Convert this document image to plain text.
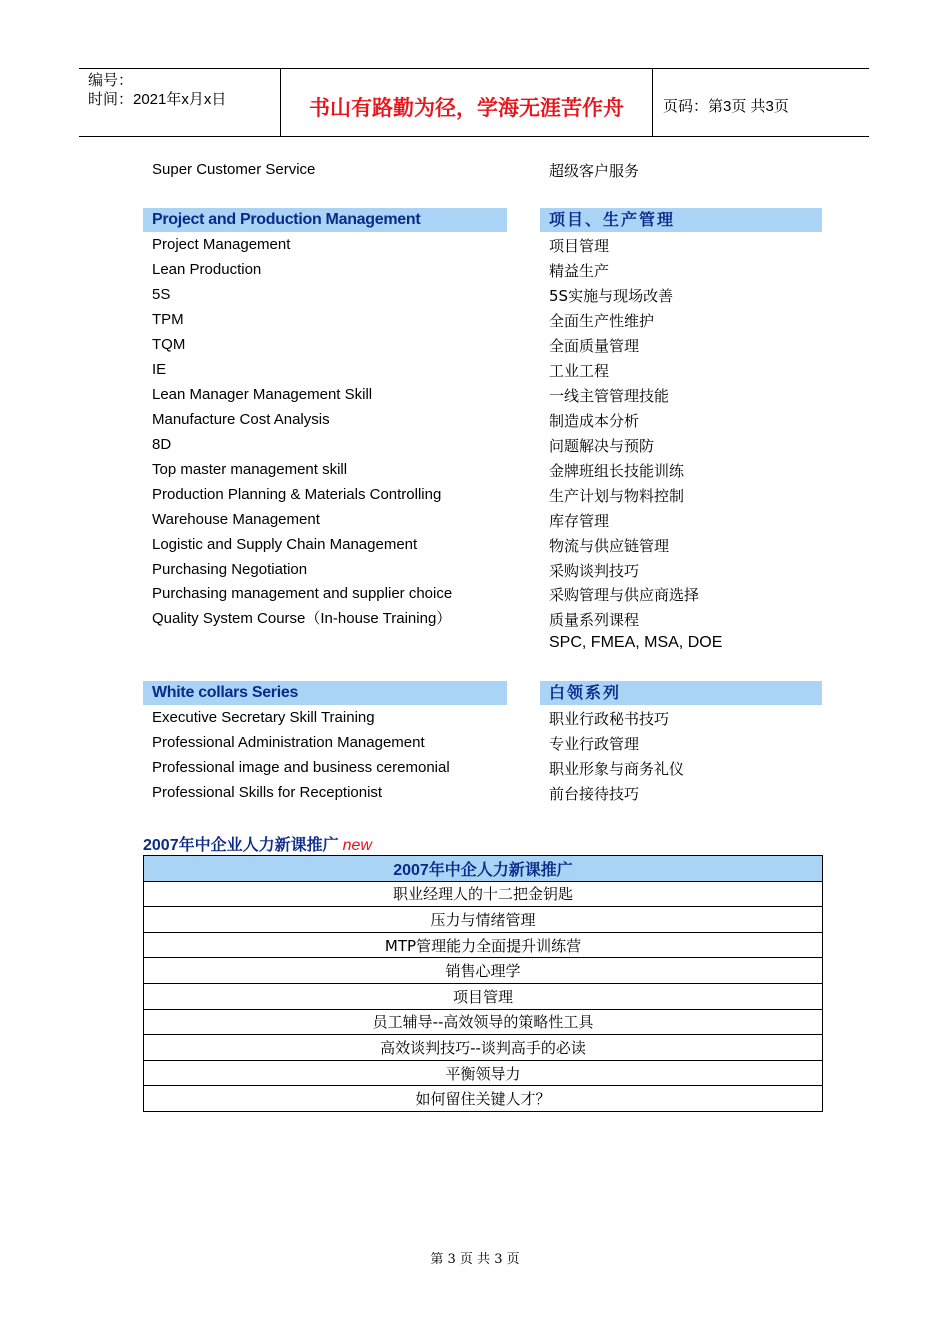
编号：
时间：2021年x月x日	书山有路勤为径，学海无涯苦作舟	页码：第3页 共3页
Super Customer Service	超级客户服务
Project and Production Management	项目、生产管理
Project Management	项目管理
Lean Production	精益生产
5S	5S实施与现场改善
TPM	全面生产性维护
TQM	全面质量管理
IE	工业工程
Lean Manager Management Skill	一线主管管理技能
Manufacture Cost Analysis	制造成本分析
8D	问题解决与预防
Top master management skill	金牌班组长技能训练
Production Planning & Materials Controlling	生产计划与物料控制
Warehouse Management	库存管理
Logistic and Supply Chain Management	物流与供应链管理
Purchasing Negotiation	采购谈判技巧
Purchasing management and supplier choice	采购管理与供应商选择
Quality System Course（In-house Training）	质量系列课程
SPC, FMEA, MSA, DOE
White collars Series	白领系列
Executive Secretary Skill Training	职业行政秘书技巧
Professional Administration Management	专业行政管理
Professional image and business ceremonial	职业形象与商务礼仪
Professional Skills for Receptionist	前台接待技巧
2007年中企业人力新课推广 new
2007年中企人力新课推广
职业经理人的十二把金钥匙
压力与情绪管理
MTP管理能力全面提升训练营
销售心理学
项目管理
员工辅导--高效领导的策略性工具
高效谈判技巧--谈判高手的必读
平衡领导力
如何留住关键人才？
第 3 页 共 3 页
